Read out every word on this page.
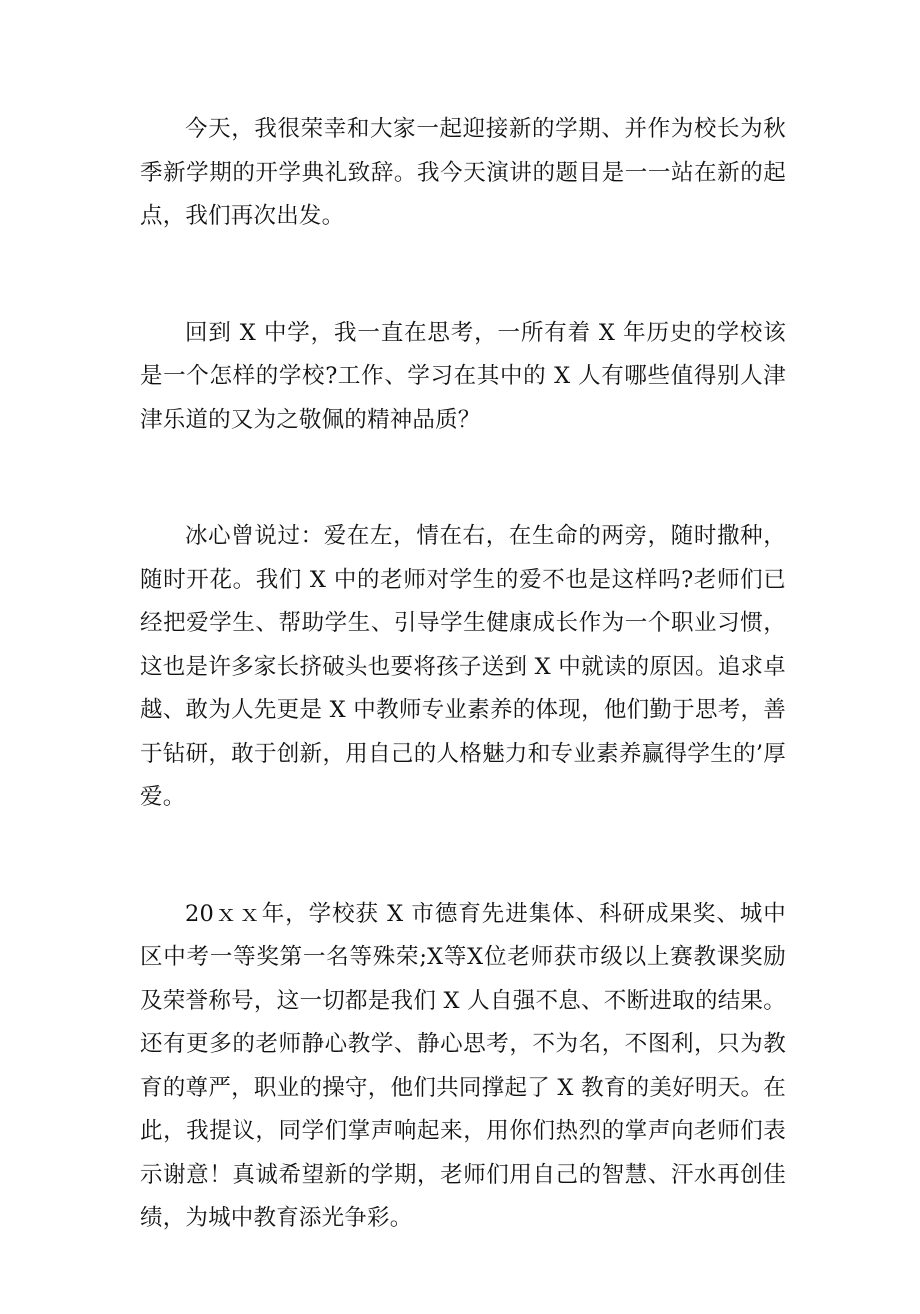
今天，我很荣幸和大家一起迎接新的学期、并作为校长为秋季新学期的开学典礼致辞。我今天演讲的题目是一一站在新的起点，我们再次出发。

回到 X 中学，我一直在思考，一所有着 X 年历史的学校该是一个怎样的学校?工作、学习在其中的 X 人有哪些值得别人津津乐道的又为之敬佩的精神品质？

冰心曾说过：爱在左，情在右，在生命的两旁，随时撒种，随时开花。我们 X 中的老师对学生的爱不也是这样吗?老师们已经把爱学生、帮助学生、引导学生健康成长作为一个职业习惯，这也是许多家长挤破头也要将孩子送到 X 中就读的原因。追求卓越、敢为人先更是 X 中教师专业素养的体现，他们勤于思考，善于钻研，敢于创新，用自己的人格魅力和专业素养赢得学生的’厚爱。

20ｘｘ年，学校获 X 市德育先进集体、科研成果奖、城中区中考一等奖第一名等殊荣;X等X位老师获市级以上赛教课奖励及荣誉称号，这一切都是我们 X 人自强不息、不断进取的结果。还有更多的老师静心教学、静心思考，不为名，不图利，只为教育的尊严，职业的操守，他们共同撑起了 X 教育的美好明天。在此，我提议，同学们掌声响起来，用你们热烈的掌声向老师们表示谢意！真诚希望新的学期，老师们用自己的智慧、汗水再创佳绩，为城中教育添光争彩。
